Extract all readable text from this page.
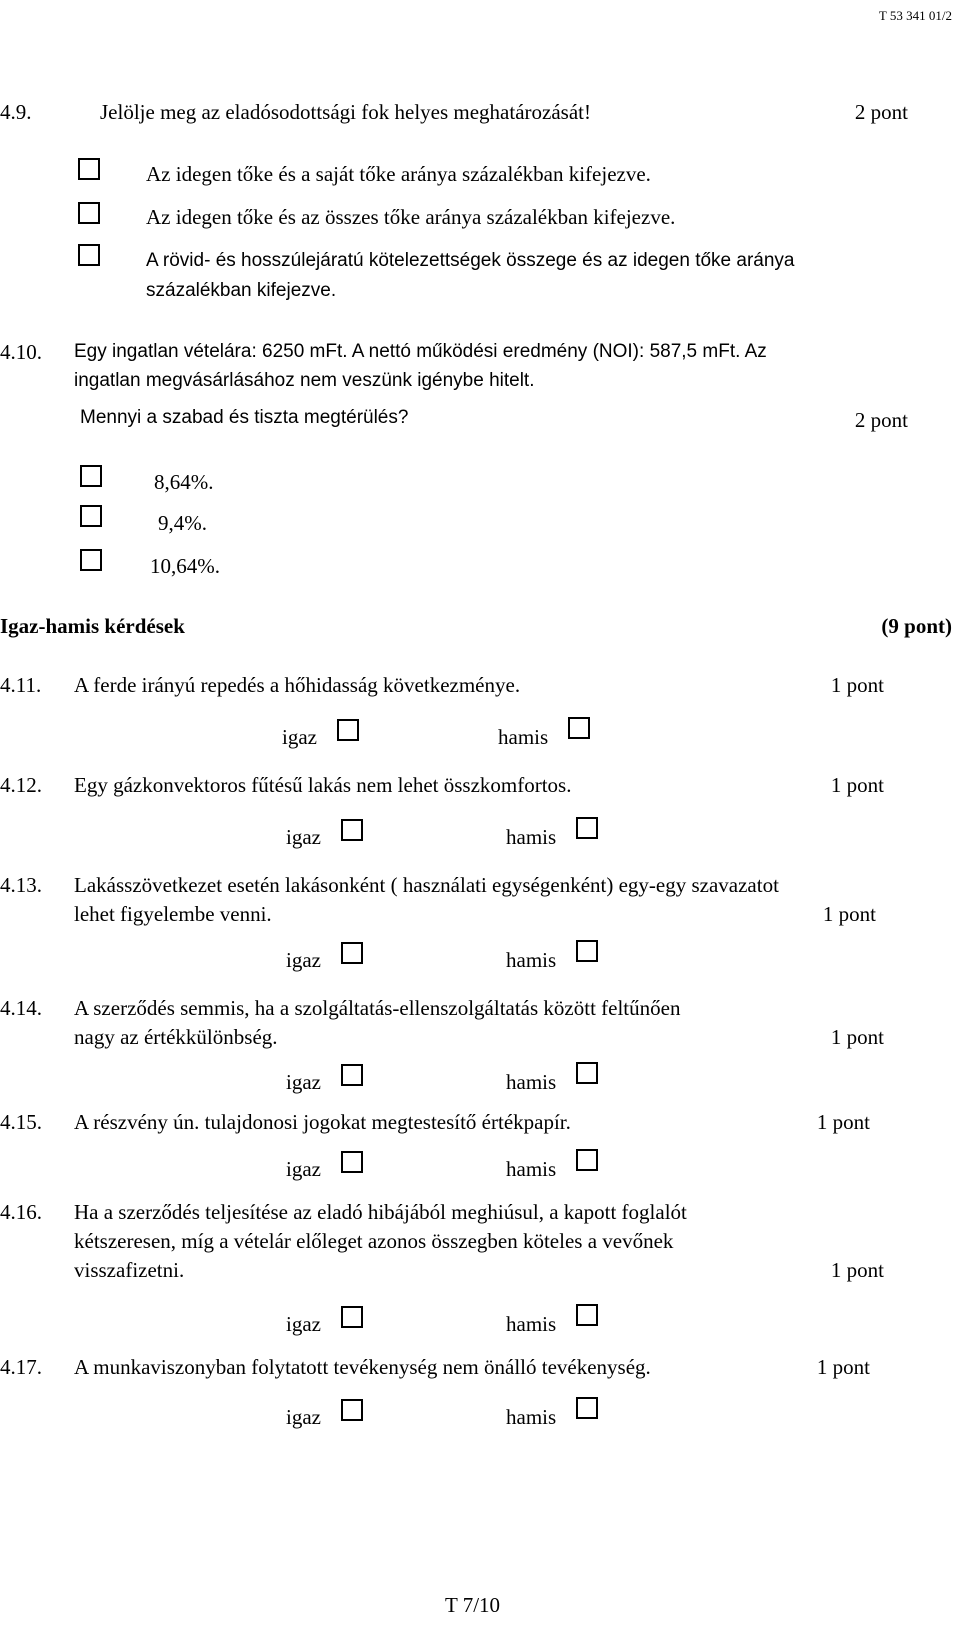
T 53 341 01/2
4.9.	Jelölje meg az eladósodottsági fok helyes meghatározását!	2 pont
Az idegen tőke és a saját tőke aránya százalékban kifejezve.
Az idegen tőke és az összes tőke aránya százalékban kifejezve.
A rövid- és hosszúlejáratú kötelezettségek összege és az idegen tőke aránya
százalékban kifejezve.
4.10. Egy ingatlan vételára: 6250 mFt. A nettó működési eredmény (NOI): 587,5 mFt. Az
ingatlan megvásárlásához nem veszünk igénybe hitelt.
Mennyi a szabad és tiszta megtérülés?	2 pont
8,64%.
9,4%.
10,64%.
Igaz-hamis kérdések	(9 pont)
4.11. A ferde irányú repedés a hőhidasság következménye.	1 pont
igaz	hamis
4.12. Egy gázkonvektoros fűtésű lakás nem lehet összkomfortos.	1 pont
igaz	hamis
4.13. Lakásszövetkezet esetén lakásonként ( használati egységenként) egy-egy szavazatot
lehet figyelembe venni.	1 pont
igaz	hamis
4.14. A szerződés semmis, ha a szolgáltatás-ellenszolgáltatás között feltűnően
nagy az értékkülönbség.	1 pont
igaz	hamis
4.15. A részvény ún. tulajdonosi jogokat megtestesítő értékpapír.	1 pont
igaz	hamis
4.16. Ha a szerződés teljesítése az eladó hibájából meghiúsul, a kapott foglalót
kétszeresen, míg a vételár előleget azonos összegben köteles a vevőnek
visszafizetni.	1 pont
igaz	hamis
4.17. A munkaviszonyban folytatott tevékenység nem önálló tevékenység.	1 pont
igaz	hamis
T 7/10
